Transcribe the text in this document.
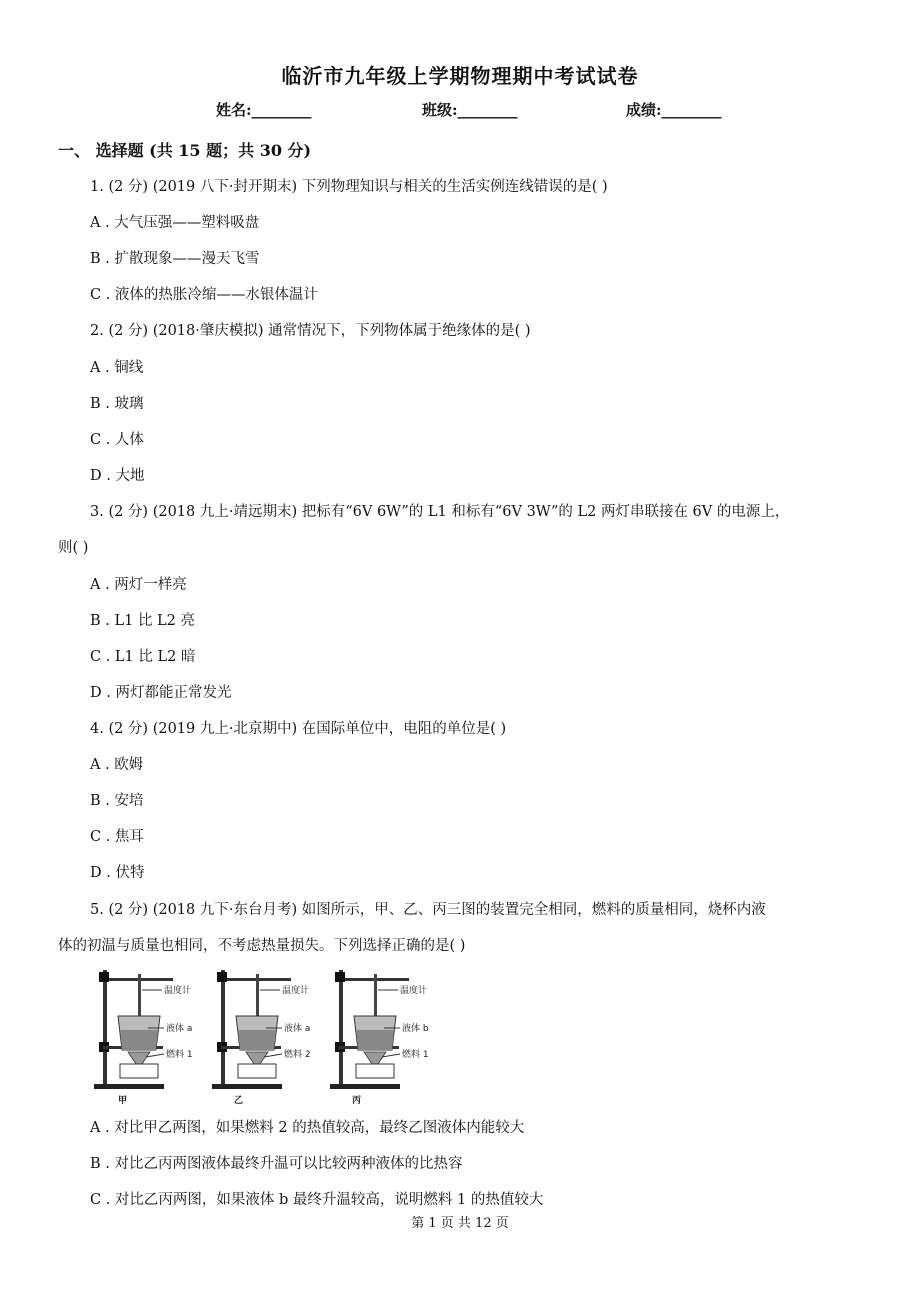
临沂市九年级上学期物理期中考试试卷
姓名:________	班级:________	成绩:________
一、 选择题 (共 15 题；共 30 分)
1. (2 分) (2019 八下·封开期末) 下列物理知识与相关的生活实例连线错误的是( )
A . 大气压强——塑料吸盘
B . 扩散现象——漫天飞雪
C . 液体的热胀冷缩——水银体温计
2. (2 分) (2018·肇庆模拟) 通常情况下，下列物体属于绝缘体的是( )
A . 铜线
B . 玻璃
C . 人体
D . 大地
3. (2 分) (2018 九上·靖远期末) 把标有“6V 6W”的 L1 和标有“6V 3W”的 L2 两灯串联接在 6V 的电源上，
则( )
A . 两灯一样亮
B . L1 比 L2 亮
C . L1 比 L2 暗
D . 两灯都能正常发光
4. (2 分) (2019 九上·北京期中) 在国际单位中，电阻的单位是( )
A . 欧姆
B . 安培
C . 焦耳
D . 伏特
5. (2 分) (2018 九下·东台月考) 如图所示，甲、乙、丙三图的装置完全相同，燃料的质量相同，烧杯内液
体的初温与质量也相同，不考虑热量损失。下列选择正确的是( )
温度计
液体 a
燃料 1
甲
温度计
液体 a
燃料 2
乙
温度计
液体 b
燃料 1
丙
A . 对比甲乙两图，如果燃料 2 的热值较高，最终乙图液体内能较大
B . 对比乙丙两图液体最终升温可以比较两种液体的比热容
C . 对比乙丙两图，如果液体 b 最终升温较高，说明燃料 1 的热值较大
第 1 页 共 12 页
